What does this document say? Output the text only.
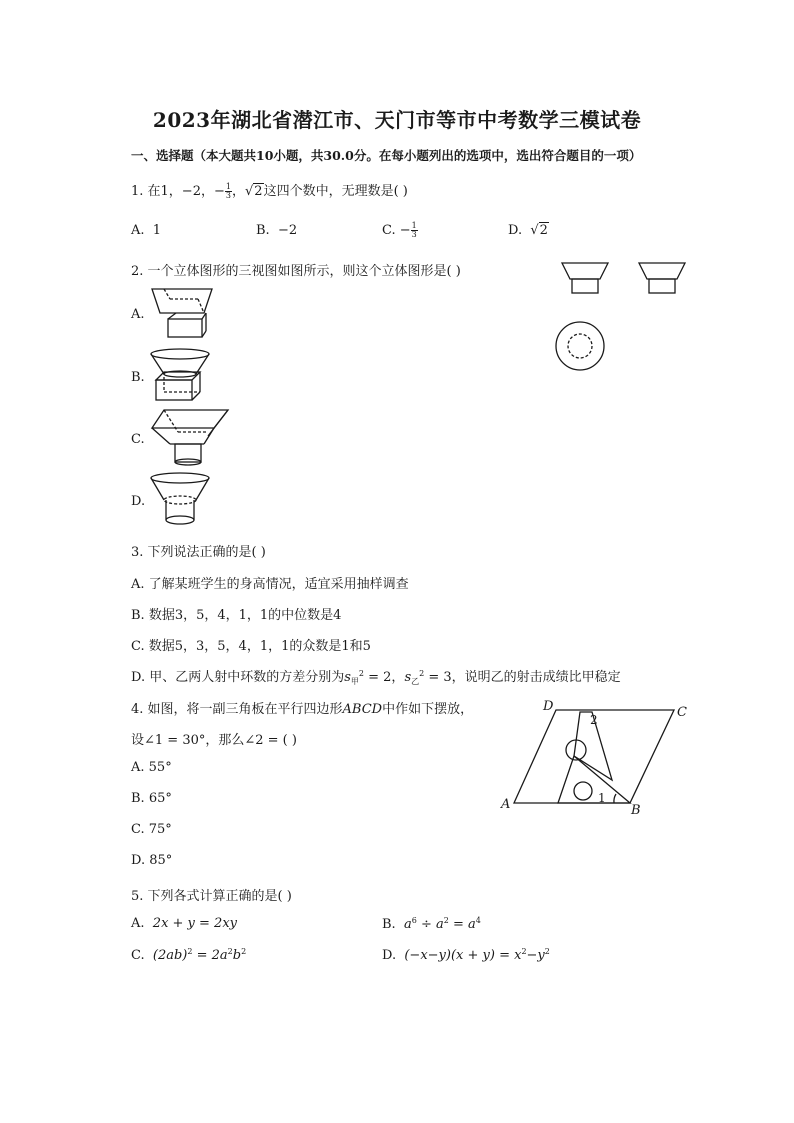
2023年湖北省潜江市、天门市等市中考数学三模试卷
一、选择题（本大题共10小题，共30.0分。在每小题列出的选项中，选出符合题目的一项）
1. 在1，−2，− $\frac{1}{3}$ ，√2这四个数中，无理数是( )
A. 1	B. −2	C. − $\frac{1}{3}$	D. √2
2. 一个立体图形的三视图如图所示，则这个立体图形是( )
A.
B.
C.
D.
3. 下列说法正确的是( )
A. 了解某班学生的身高情况，适宜采用抽样调查
B. 数据3，5，4，1，1的中位数是4
C. 数据5，3，5，4，1，1的众数是1和5
D. 甲、乙两人射中环数的方差分别为$s_甲^2 = 2$，$s_乙^2 = 3$，说明乙的射击成绩比甲稳定
4. 如图，将一副三角板在平行四边形ABCD中作如下摆放，
设∠1 = 30°，那么∠2 = ( )
A. 55°
B. 65°
C. 75°
D. 85°
1
2
A	B
C
D
5. 下列各式计算正确的是( )
A. 2x + y = 2xy	B. $a^6 \div a^2 = a^4$
C. $(2ab)^2 = 2a^2b^2$	D. $(-x-y)(x + y) = x^2-y^2$
